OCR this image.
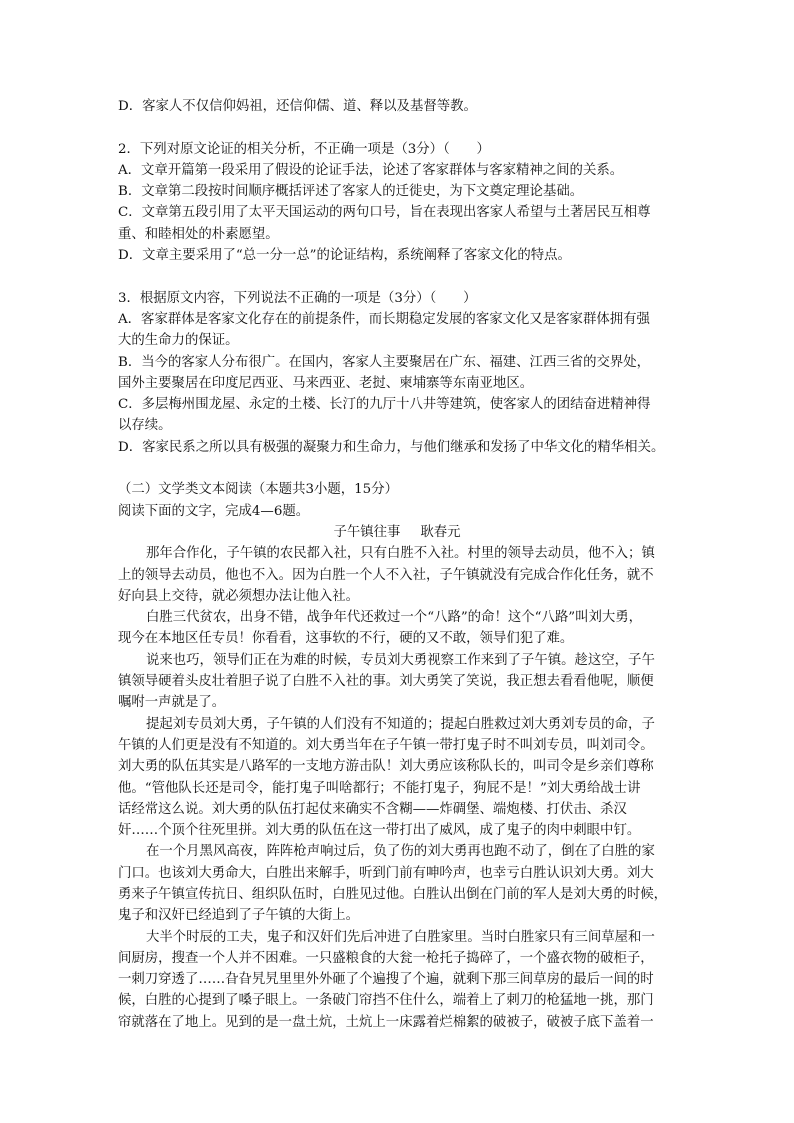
D．客家人不仅信仰妈祖，还信仰儒、道、释以及基督等教。
2．下列对原文论证的相关分析，不正确一项是（3分）（　　）
A．文章开篇第一段采用了假设的论证手法，论述了客家群体与客家精神之间的关系。
B．文章第二段按时间顺序概括评述了客家人的迁徙史，为下文奠定理论基础。
C．文章第五段引用了太平天国运动的两句口号，旨在表现出客家人希望与土著居民互相尊
重、和睦相处的朴素愿望。
D．文章主要采用了“总一分一总”的论证结构，系统阐释了客家文化的特点。
3．根据原文内容，下列说法不正确的一项是（3分）（　　）
A．客家群体是客家文化存在的前提条件，而长期稳定发展的客家文化又是客家群体拥有强
大的生命力的保证。
B．当今的客家人分布很广。在国内，客家人主要聚居在广东、福建、江西三省的交界处，
国外主要聚居在印度尼西亚、马来西亚、老挝、柬埔寨等东南亚地区。
C．多层梅州围龙屋、永定的土楼、长汀的九厅十八井等建筑，使客家人的团结奋进精神得
以存续。
D．客家民系之所以具有极强的凝聚力和生命力，与他们继承和发扬了中华文化的精华相关。
（二）文学类文本阅读（本题共3小题，15分）
阅读下面的文字，完成4—6题。
子午镇往事 耿春元
那年合作化，子午镇的农民都入社，只有白胜不入社。村里的领导去动员，他不入；镇
上的领导去动员，他也不入。因为白胜一个人不入社，子午镇就没有完成合作化任务，就不
好向县上交待，就必须想办法让他入社。
白胜三代贫农，出身不错，战争年代还救过一个“八路”的命！这个“八路”叫刘大勇，
现今在本地区任专员！你看看，这事软的不行，硬的又不敢，领导们犯了难。
说来也巧，领导们正在为难的时候，专员刘大勇视察工作来到了子午镇。趁这空，子午
镇领导硬着头皮壮着胆子说了白胜不入社的事。刘大勇笑了笑说，我正想去看看他呢，顺便
嘱咐一声就是了。
提起刘专员刘大勇，子午镇的人们没有不知道的；提起白胜救过刘大勇刘专员的命，子
午镇的人们更是没有不知道的。刘大勇当年在子午镇一带打鬼子时不叫刘专员，叫刘司令。
刘大勇的队伍其实是八路军的一支地方游击队！刘大勇应该称队长的，叫司令是乡亲们尊称
他。“管他队长还是司令，能打鬼子叫啥都行；不能打鬼子，狗屁不是！”刘大勇给战士讲
话经常这么说。刘大勇的队伍打起仗来确实不含糊——炸碉堡、端炮楼、打伏击、杀汉
奸……个顶个往死里拼。刘大勇的队伍在这一带打出了威风，成了鬼子的肉中刺眼中钉。
在一个月黑风高夜，阵阵枪声响过后，负了伤的刘大勇再也跑不动了，倒在了白胜的家
门口。也该刘大勇命大，白胜出来解手，听到门前有呻吟声，也幸亏白胜认识刘大勇。刘大
勇来子午镇宣传抗日、组织队伍时，白胜见过他。白胜认出倒在门前的军人是刘大勇的时候，
鬼子和汉奸已经追到了子午镇的大街上。
大半个时辰的工夫，鬼子和汉奸们先后冲进了白胜家里。当时白胜家只有三间草屋和一
间厨房，搜查一个人并不困难。一只盛粮食的大瓮一枪托子捣碎了，一个盛衣物的破柜子，
一刺刀穿透了……旮旮旯旯里里外外砸了个遍搜了个遍，就剩下那三间草房的最后一间的时
候，白胜的心提到了嗓子眼上。一条破门帘挡不住什么，端着上了刺刀的枪猛地一挑，那门
帘就落在了地上。见到的是一盘土炕，土炕上一床露着烂棉絮的破被子，破被子底下盖着一
